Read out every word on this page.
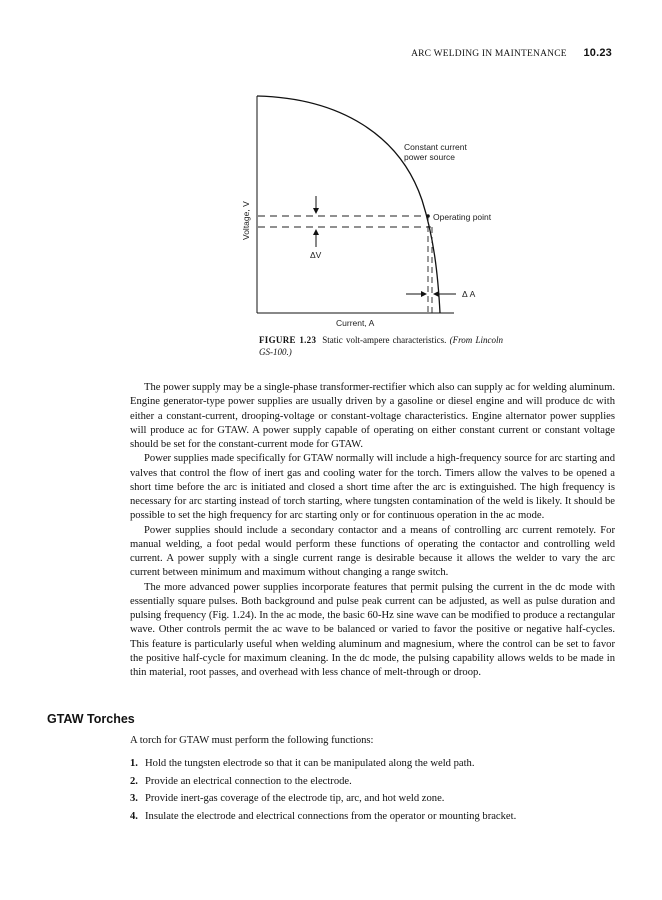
ARC WELDING IN MAINTENANCE 10.23
Constant current
power source
Operating point
ΔV
Δ A
Current, A
Voltage, V
FIGURE 1.23 Static volt-ampere characteristics. (From Lincoln GS-100.)

The power supply may be a single-phase transformer-rectifier which also can supply ac for welding aluminum. Engine generator-type power supplies are usually driven by a gasoline or diesel engine and will produce dc with either a constant-current, drooping-voltage or constant-voltage characteristics. Engine alternator power supplies will produce ac for GTAW. A power supply capable of operating on either constant current or constant voltage should be set for the constant-current mode for GTAW.

Power supplies made specifically for GTAW normally will include a high-frequency source for arc starting and valves that control the flow of inert gas and cooling water for the torch. Timers allow the valves to be opened a short time before the arc is initiated and closed a short time after the arc is extinguished. The high frequency is necessary for arc starting instead of torch starting, where tungsten contamination of the weld is likely. It should be possible to set the high frequency for arc starting only or for continuous operation in the ac mode.

Power supplies should include a secondary contactor and a means of controlling arc current remotely. For manual welding, a foot pedal would perform these functions of operating the contactor and controlling weld current. A power supply with a single current range is desirable because it allows the welder to vary the arc current between minimum and maximum without changing a range switch.

The more advanced power supplies incorporate features that permit pulsing the current in the dc mode with essentially square pulses. Both background and pulse peak current can be adjusted, as well as pulse duration and pulsing frequency (Fig. 1.24). In the ac mode, the basic 60-Hz sine wave can be modified to produce a rectangular wave. Other controls permit the ac wave to be balanced or varied to favor the positive or negative half-cycles. This feature is particularly useful when welding aluminum and magnesium, where the control can be set to favor the positive half-cycle for maximum cleaning. In the dc mode, the pulsing capability allows welds to be made in thin material, root passes, and overhead with less chance of melt-through or droop.

GTAW Torches
A torch for GTAW must perform the following functions:
1. Hold the tungsten electrode so that it can be manipulated along the weld path.
2. Provide an electrical connection to the electrode.
3. Provide inert-gas coverage of the electrode tip, arc, and hot weld zone.
4. Insulate the electrode and electrical connections from the operator or mounting bracket.
